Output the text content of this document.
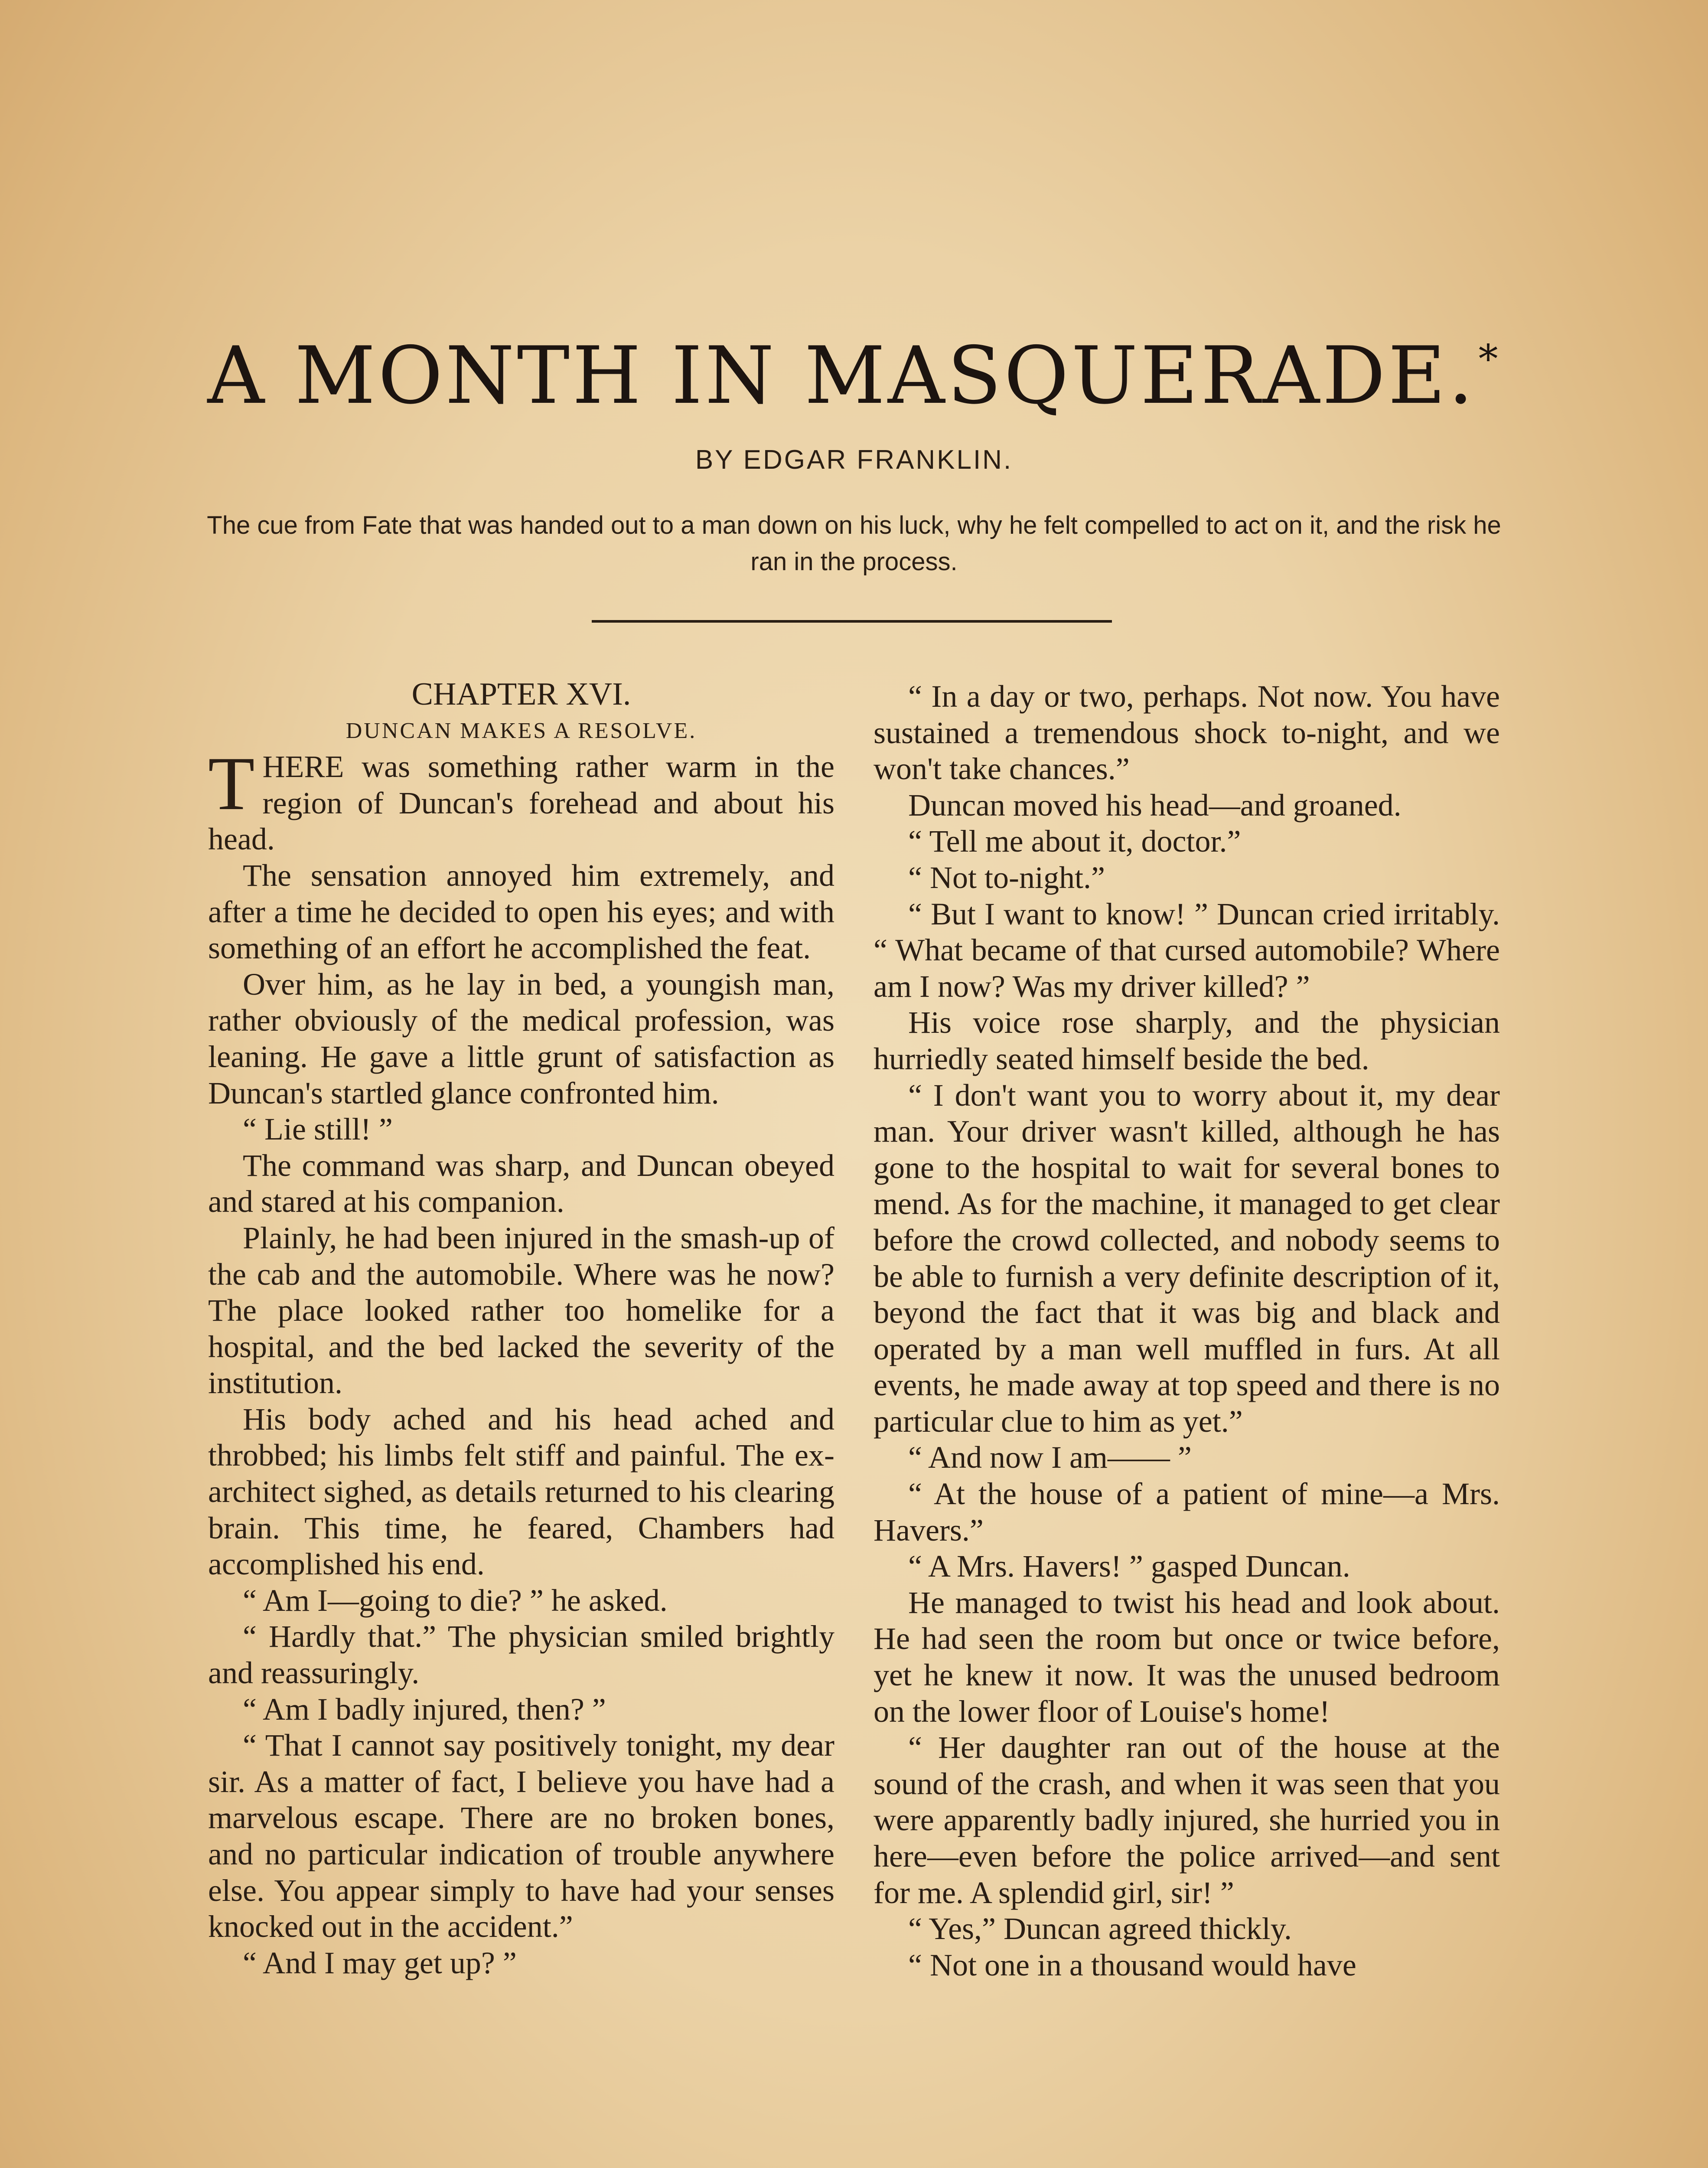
A MONTH IN MASQUERADE.*
BY EDGAR FRANKLIN.
The cue from Fate that was handed out to a man down on his luck, why he felt compelled to act on it, and the risk he ran in the process.

CHAPTER XVI.

DUNCAN MAKES A RESOLVE.

THERE was something rather warm in the region of Duncan's forehead and about his head.

The sensation annoyed him extremely, and after a time he decided to open his eyes; and with something of an effort he accomplished the feat.

Over him, as he lay in bed, a youngish man, rather obviously of the medical profession, was leaning. He gave a little grunt of satisfaction as Duncan's startled glance confronted him.

“ Lie still! ”

The command was sharp, and Duncan obeyed and stared at his companion.

Plainly, he had been injured in the smash-up of the cab and the automobile. Where was he now? The place looked rather too homelike for a hospital, and the bed lacked the severity of the institution.

His body ached and his head ached and throbbed; his limbs felt stiff and painful. The ex-architect sighed, as details returned to his clearing brain. This time, he feared, Chambers had accomplished his end.

“ Am I—going to die? ” he asked.

“ Hardly that.” The physician smiled brightly and reassuringly.

“ Am I badly injured, then? ”

“ That I cannot say positively tonight, my dear sir. As a matter of fact, I believe you have had a marvelous escape. There are no broken bones, and no particular indication of trouble anywhere else. You appear simply to have had your senses knocked out in the accident.”

“ And I may get up? ”

“ In a day or two, perhaps. Not now. You have sustained a tremendous shock to-night, and we won't take chances.”

Duncan moved his head—and groaned.

“ Tell me about it, doctor.”

“ Not to-night.”

“ But I want to know! ” Duncan cried irritably. “ What became of that cursed automobile? Where am I now? Was my driver killed? ”

His voice rose sharply, and the physician hurriedly seated himself beside the bed.

“ I don't want you to worry about it, my dear man. Your driver wasn't killed, although he has gone to the hospital to wait for several bones to mend. As for the machine, it managed to get clear before the crowd collected, and nobody seems to be able to furnish a very definite description of it, beyond the fact that it was big and black and operated by a man well muffled in furs. At all events, he made away at top speed and there is no particular clue to him as yet.”

“ And now I am—— ”

“ At the house of a patient of mine—a Mrs. Havers.”

“ A Mrs. Havers! ” gasped Duncan.

He managed to twist his head and look about. He had seen the room but once or twice before, yet he knew it now. It was the unused bedroom on the lower floor of Louise's home!

“ Her daughter ran out of the house at the sound of the crash, and when it was seen that you were apparently badly injured, she hurried you in here—even before the police arrived—and sent for me. A splendid girl, sir! ”

“ Yes,” Duncan agreed thickly.

“ Not one in a thousand would have
